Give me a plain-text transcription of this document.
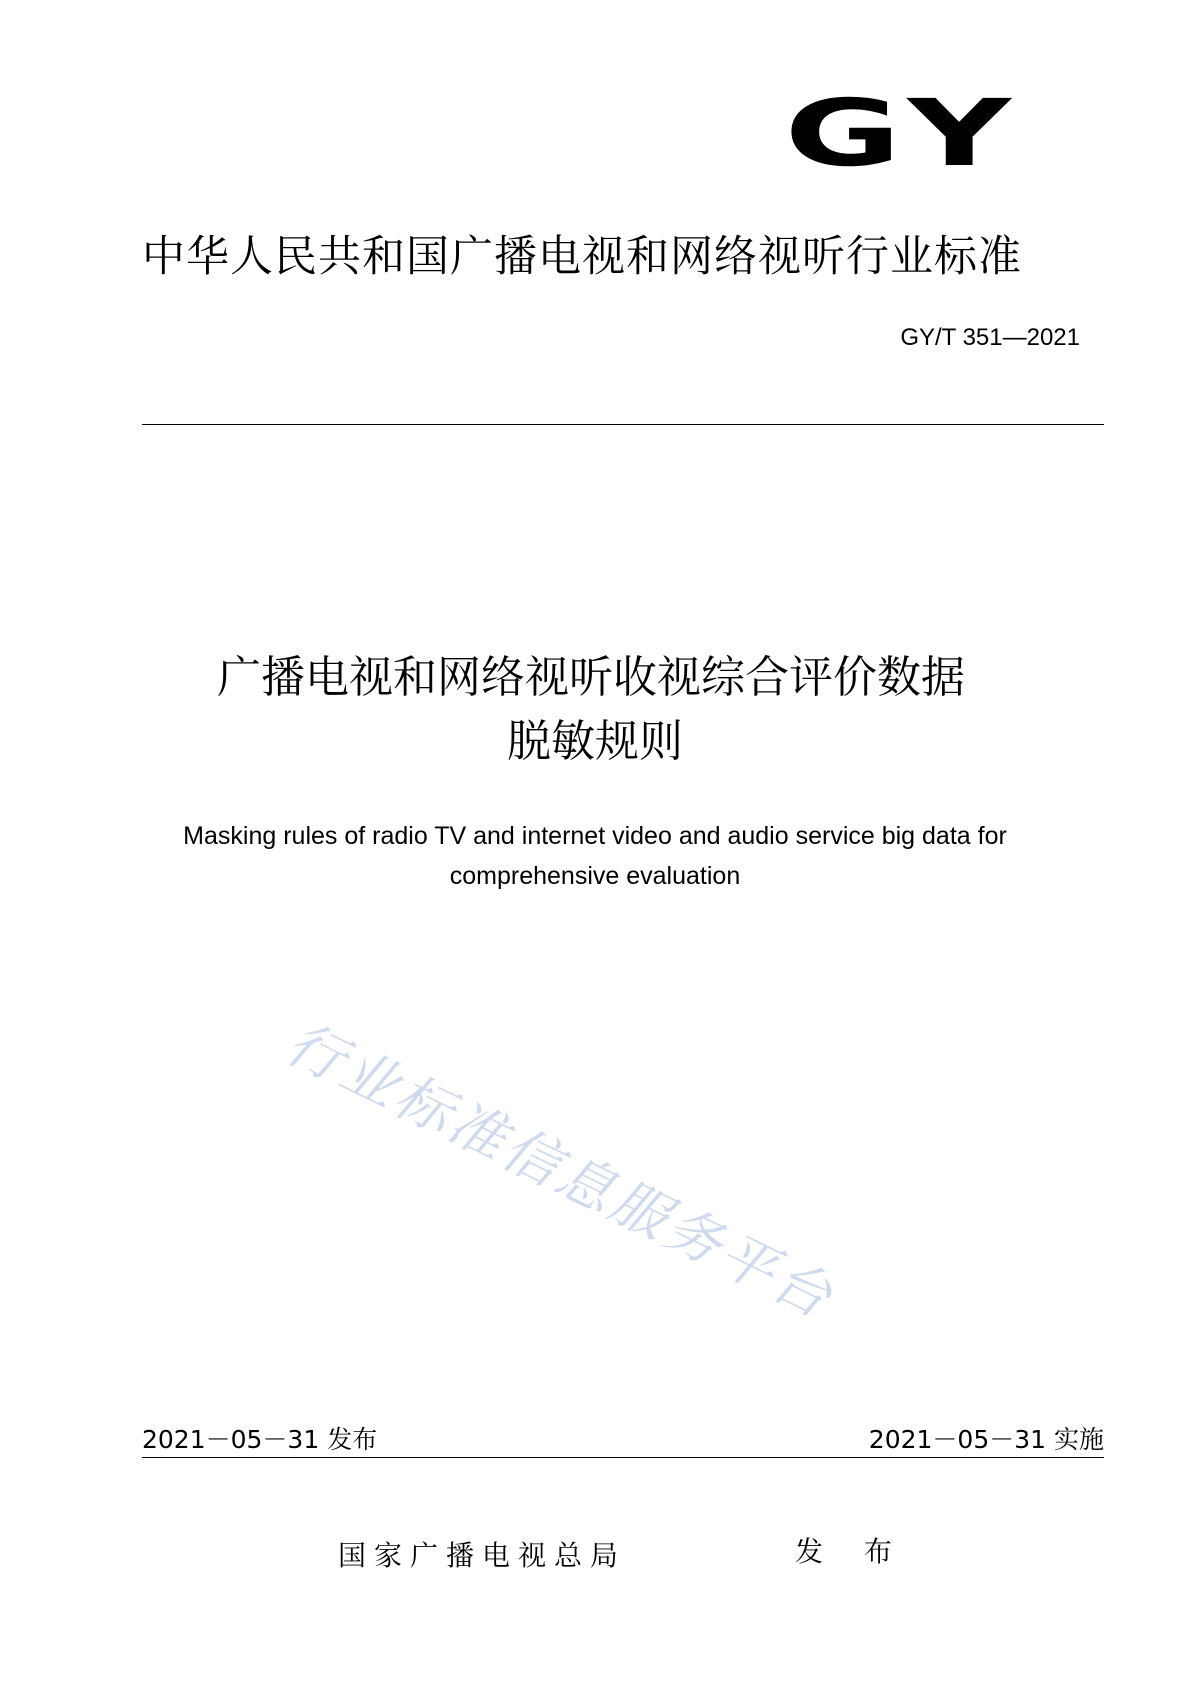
GY
中华人民共和国广播电视和网络视听行业标准
GY/T 351—2021
广播电视和网络视听收视综合评价数据
脱敏规则
Masking rules of radio TV and internet video and audio service big data for
comprehensive evaluation
行业标准信息服务平台
2021－05－31 发布	2021－05－31 实施
国家广播电视总局	发 布
